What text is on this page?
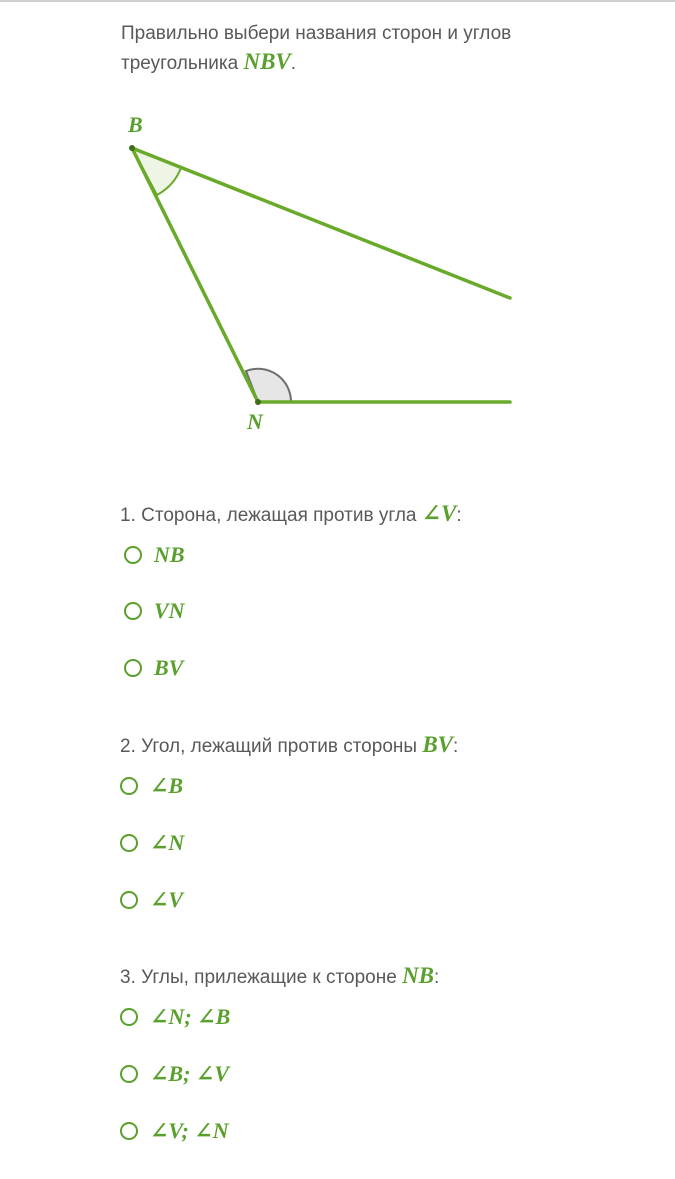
Правильно выбери названия сторон и углов треугольника NBV.
B
N
1. Сторона, лежащая против угла ∠V:
NB
VN
BV
2. Угол, лежащий против стороны BV:
∠B
∠N
∠V
3. Углы, прилежащие к стороне NB:
∠N; ∠B
∠B; ∠V
∠V; ∠N
